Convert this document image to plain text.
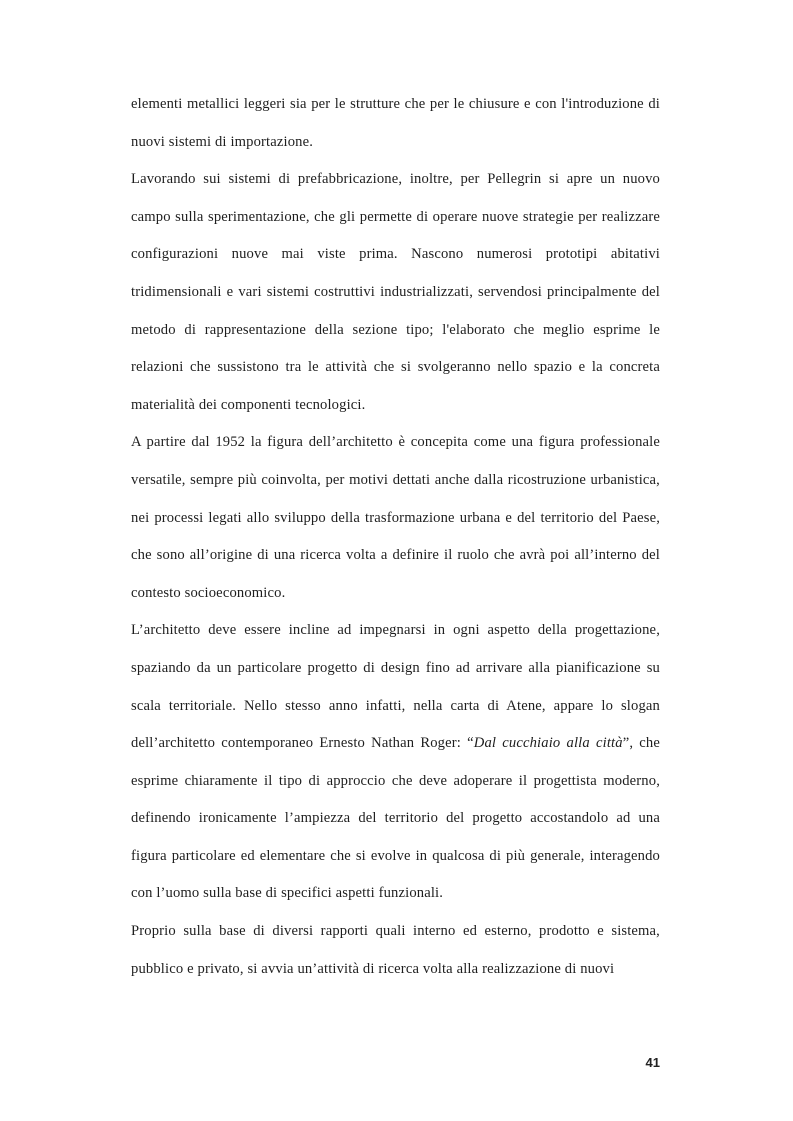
elementi metallici leggeri sia per le strutture che per le chiusure e con l'introduzione di nuovi sistemi di importazione.

Lavorando sui sistemi di prefabbricazione, inoltre, per Pellegrin si apre un nuovo campo sulla sperimentazione, che gli permette di operare nuove strategie per realizzare configurazioni nuove mai viste prima. Nascono numerosi prototipi abitativi tridimensionali e vari sistemi costruttivi industrializzati, servendosi principalmente del metodo di rappresentazione della sezione tipo; l'elaborato che meglio esprime le relazioni che sussistono tra le attività che si svolgeranno nello spazio e la concreta materialità dei componenti tecnologici.

A partire dal 1952 la figura dell’architetto è concepita come una figura professionale versatile, sempre più coinvolta, per motivi dettati anche dalla ricostruzione urbanistica, nei processi legati allo sviluppo della trasformazione urbana e del territorio del Paese, che sono all’origine di una ricerca volta a definire il ruolo che avrà poi all’interno del contesto socioeconomico.

L’architetto deve essere incline ad impegnarsi in ogni aspetto della progettazione, spaziando da un particolare progetto di design fino ad arrivare alla pianificazione su scala territoriale. Nello stesso anno infatti, nella carta di Atene, appare lo slogan dell’architetto contemporaneo Ernesto Nathan Roger: “Dal cucchiaio alla città”, che esprime chiaramente il tipo di approccio che deve adoperare il progettista moderno, definendo ironicamente l’ampiezza del territorio del progetto accostandolo ad una figura particolare ed elementare che si evolve in qualcosa di più generale, interagendo con l’uomo sulla base di specifici aspetti funzionali.

Proprio sulla base di diversi rapporti quali interno ed esterno, prodotto e sistema, pubblico e privato, si avvia un’attività di ricerca volta alla realizzazione di nuovi

41
